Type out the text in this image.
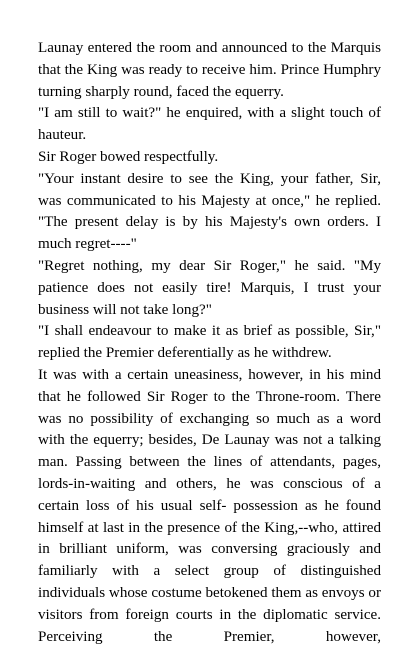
Launay entered the room and announced to the Marquis that the King was ready to receive him. Prince Humphry turning sharply round, faced the equerry.

"I am still to wait?" he enquired, with a slight touch of hauteur.

Sir Roger bowed respectfully.

"Your instant desire to see the King, your father, Sir, was communicated to his Majesty at once," he replied. "The present delay is by his Majesty's own orders. I much regret----"

"Regret nothing, my dear Sir Roger," he said. "My patience does not easily tire! Marquis, I trust your business will not take long?"

"I shall endeavour to make it as brief as possible, Sir," replied the Premier deferentially as he withdrew.

It was with a certain uneasiness, however, in his mind that he followed Sir Roger to the Throne-room. There was no possibility of exchanging so much as a word with the equerry; besides, De Launay was not a talking man. Passing between the lines of attendants, pages, lords-in-waiting and others, he was conscious of a certain loss of his usual self- possession as he found himself at last in the presence of the King,--who, attired in brilliant uniform, was conversing graciously and familiarly with a select group of distinguished individuals whose costume betokened them as envoys or visitors from foreign courts in the diplomatic service. Perceiving the Premier, however,
